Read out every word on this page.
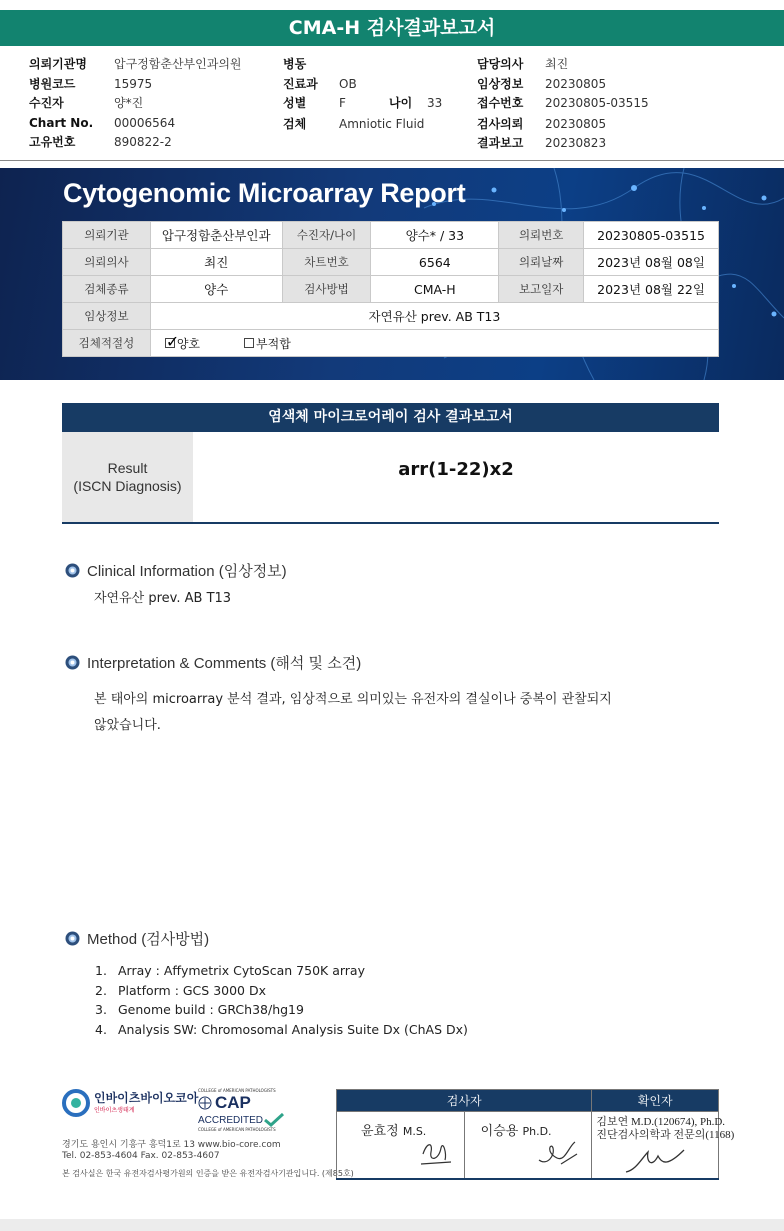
CMA-H 검사결과보고서
의뢰기관명	압구정함춘산부인과의원
병원코드	15975
수진자	양*진
Chart No.	00006564
고유번호	890822-2
병동
진료과	OB
성별	F	나이	33
검체	Amniotic Fluid
담당의사	최진
임상정보	20230805
접수번호	20230805-03515
검사의뢰	20230805
결과보고	20230823
Cytogenomic Microarray Report
의뢰기관	압구정함춘산부인과	수진자/나이	양수* / 33	의뢰번호	20230805-03515
의뢰의사	최진	차트번호	6564	의뢰날짜	2023년 08월 08일
검체종류	양수	검사방법	CMA-H	보고일자	2023년 08월 22일
임상정보	자연유산 prev. AB T13				
검체적절성	✓
양호
부적합				
염색체 마이크로어레이 검사 결과보고서
Result
(ISCN Diagnosis)
arr(1-22)x2
Clinical Information (임상정보)
자연유산 prev. AB T13
Interpretation & Comments (해석 및 소견)
본 태아의 microarray 분석 결과, 임상적으로 의미있는 유전자의 결실이나 중복이 관찰되지
않았습니다.
Method (검사방법)
1. Array : Affymetrix CytoScan 750K array
2. Platform : GCS 3000 Dx
3. Genome build : GRCh38/hg19
4. Analysis SW: Chromosomal Analysis Suite Dx (ChAS Dx)
인바이츠바이오코아
인바이츠생태계
COLLEGE of AMERICAN PATHOLOGISTS
CAP
ACCREDITED
COLLEGE of AMERICAN PATHOLOGISTS
경기도 용인시 기흥구 흥덕1로 13 www.bio-core.com
Tel. 02-853-4604 Fax. 02-853-4607
본 검사실은 한국 유전자검사평가원의 인증을 받은 유전자검사기관입니다. (제85호)
검사자		확인자

윤효정 M.S.	이승용 Ph.D.	김보연 M.D.(120674), Ph.D.
진단검사의학과 전문의(1168)
